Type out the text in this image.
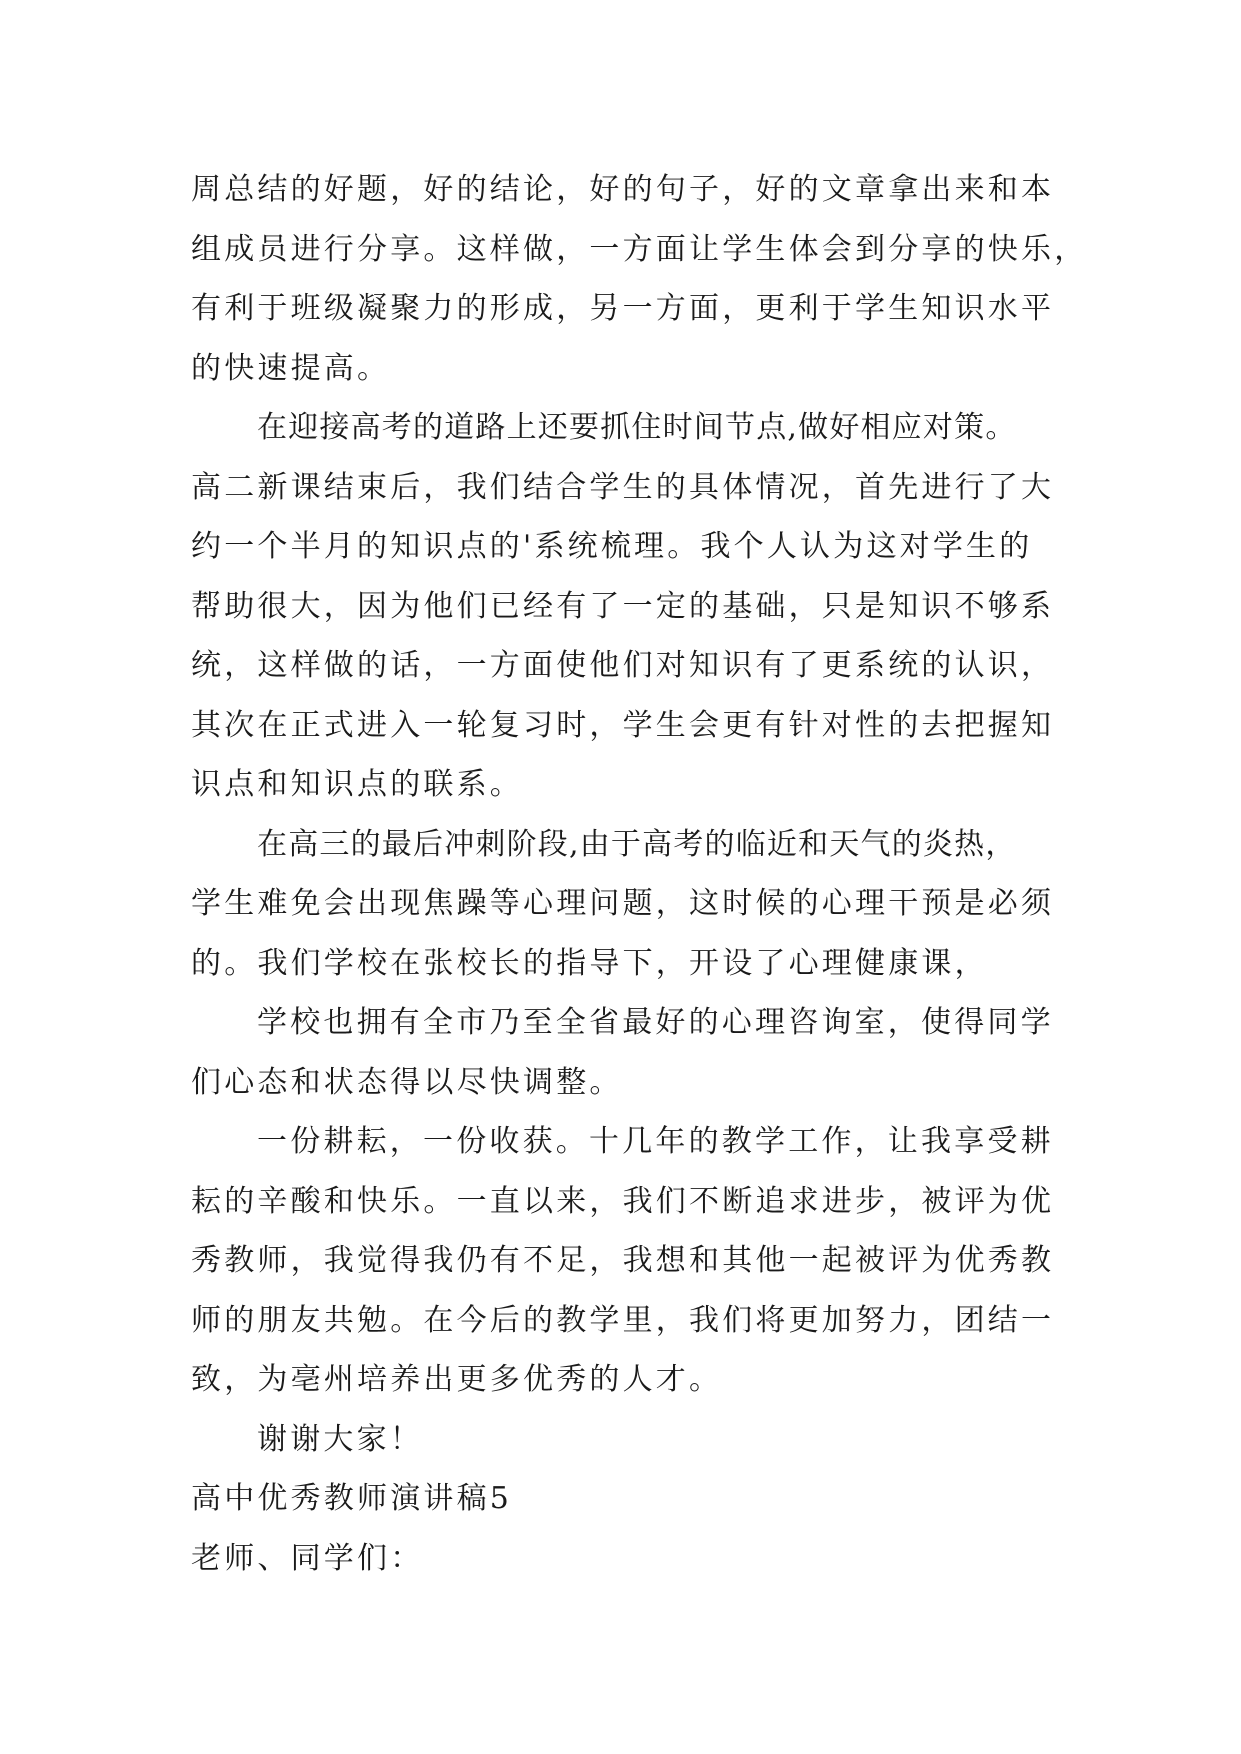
周总结的好题，好的结论，好的句子，好的文章拿出来和本
组成员进行分享。这样做，一方面让学生体会到分享的快乐，
有利于班级凝聚力的形成，另一方面，更利于学生知识水平
的快速提高。
在迎接高考的道路上还要抓住时间节点,做好相应对策。
高二新课结束后，我们结合学生的具体情况，首先进行了大
约一个半月的知识点的'系统梳理。我个人认为这对学生的
帮助很大，因为他们已经有了一定的基础，只是知识不够系
统，这样做的话，一方面使他们对知识有了更系统的认识，
其次在正式进入一轮复习时，学生会更有针对性的去把握知
识点和知识点的联系。
在高三的最后冲刺阶段,由于高考的临近和天气的炎热，
学生难免会出现焦躁等心理问题，这时候的心理干预是必须
的。我们学校在张校长的指导下，开设了心理健康课，
学校也拥有全市乃至全省最好的心理咨询室，使得同学
们心态和状态得以尽快调整。
一份耕耘，一份收获。十几年的教学工作，让我享受耕
耘的辛酸和快乐。一直以来，我们不断追求进步，被评为优
秀教师，我觉得我仍有不足，我想和其他一起被评为优秀教
师的朋友共勉。在今后的教学里，我们将更加努力，团结一
致，为亳州培养出更多优秀的人才。
谢谢大家！
高中优秀教师演讲稿5
老师、同学们：
